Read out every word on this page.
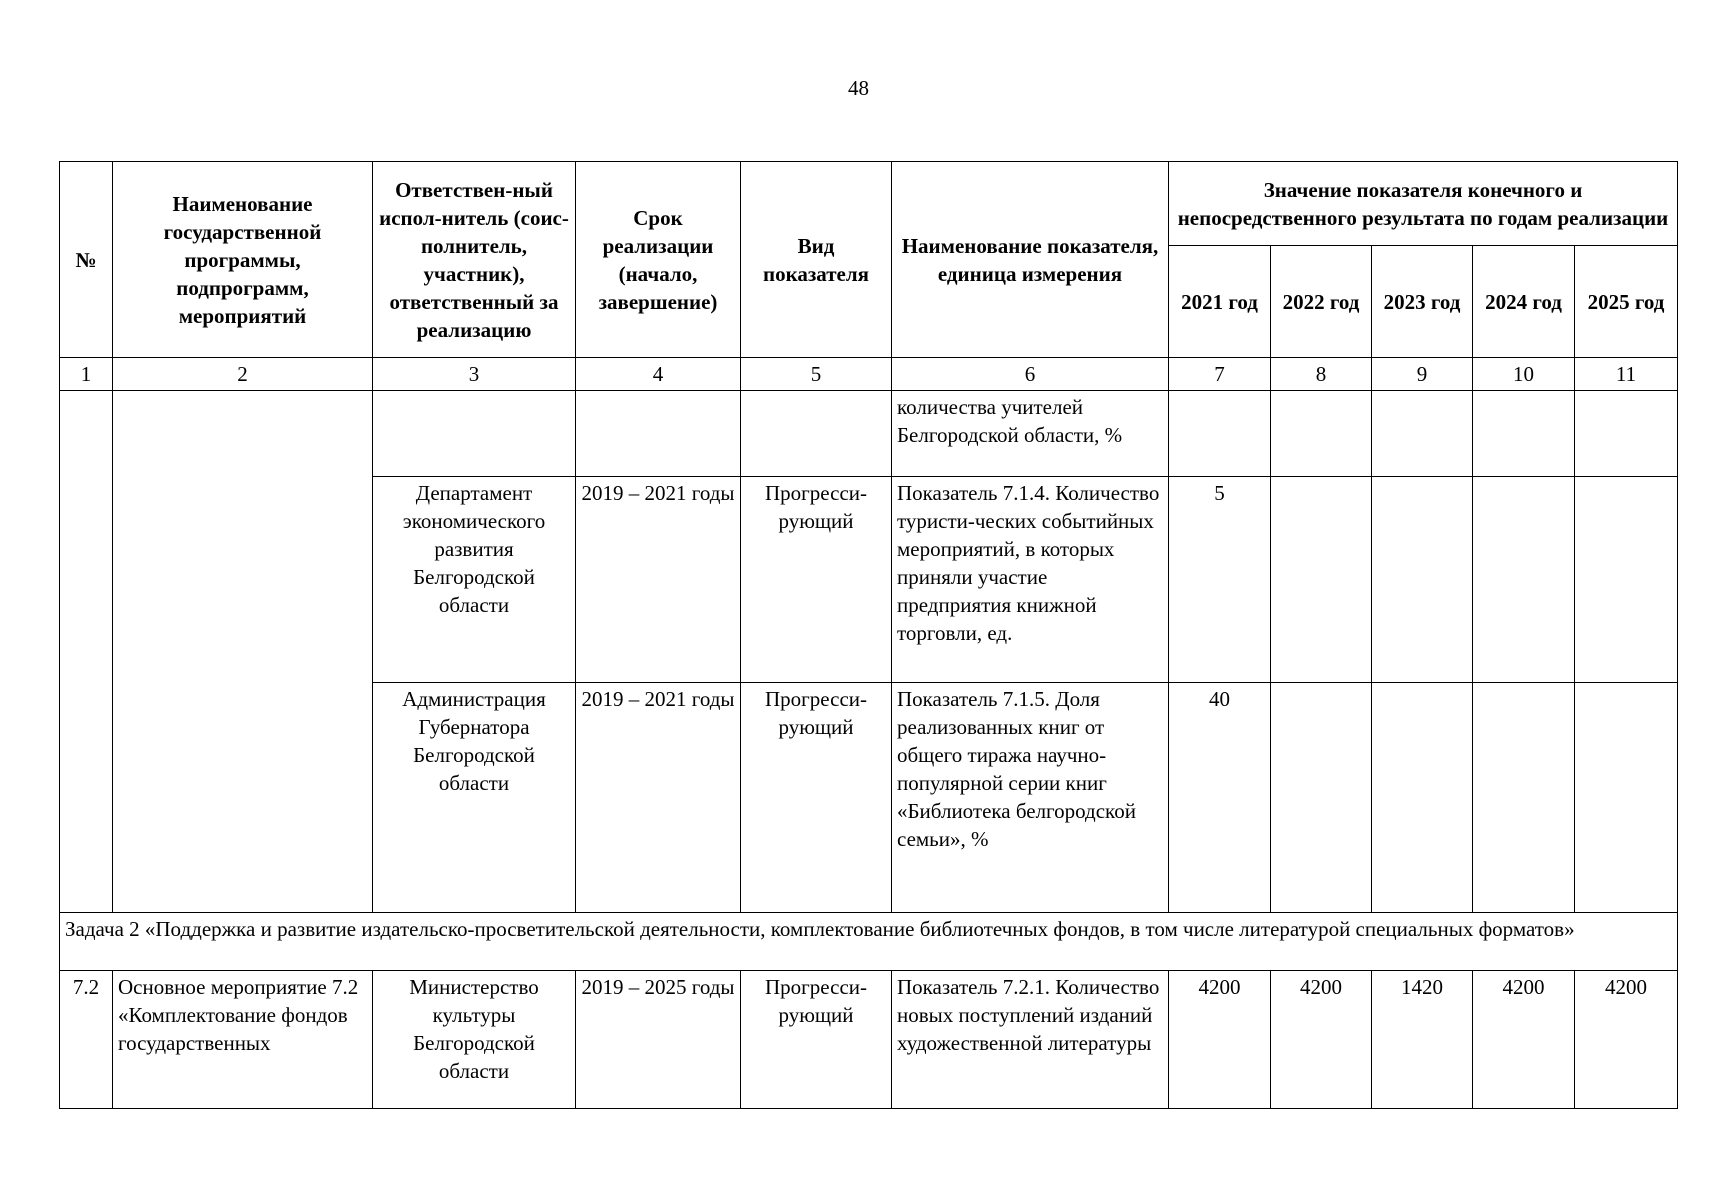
48
№	Наименование государственной программы, подпрограмм, мероприятий	Ответствен-ный испол-нитель (соис-полнитель, участник), ответственный за реализацию	Срок реализации (начало, завершение)	Вид показателя	Наименование показателя, единица измерения	Значение показателя конечного и непосредственного результата по годам реализации				
						2021 год	2022 год	2023 год	2024 год	2025 год
1	2	3	4	5	6	7	8	9	10	11
					количества учителей Белгородской области, %					
		Департамент экономического развития Белгородской области	2019 – 2021 годы	Прогресси-рующий	Показатель 7.1.4. Количество туристи-ческих событийных мероприятий, в которых приняли участие предприятия книжной торговли, ед.	5				
		Администрация Губернатора Белгородской области	2019 – 2021 годы	Прогресси-рующий	Показатель 7.1.5. Доля реализованных книг от общего тиража научно-популярной серии книг «Библиотека белгородской семьи», %	40				
Задача 2 «Поддержка и развитие издательско-просветительской деятельности, комплектование библиотечных фондов, в том числе литературой специальных форматов»										
7.2	Основное мероприятие 7.2 «Комплектование фондов государственных	Министерство культуры Белгородской области	2019 – 2025 годы	Прогресси-рующий	Показатель 7.2.1. Количество новых поступлений изданий художественной литературы	4200	4200	1420	4200	4200
